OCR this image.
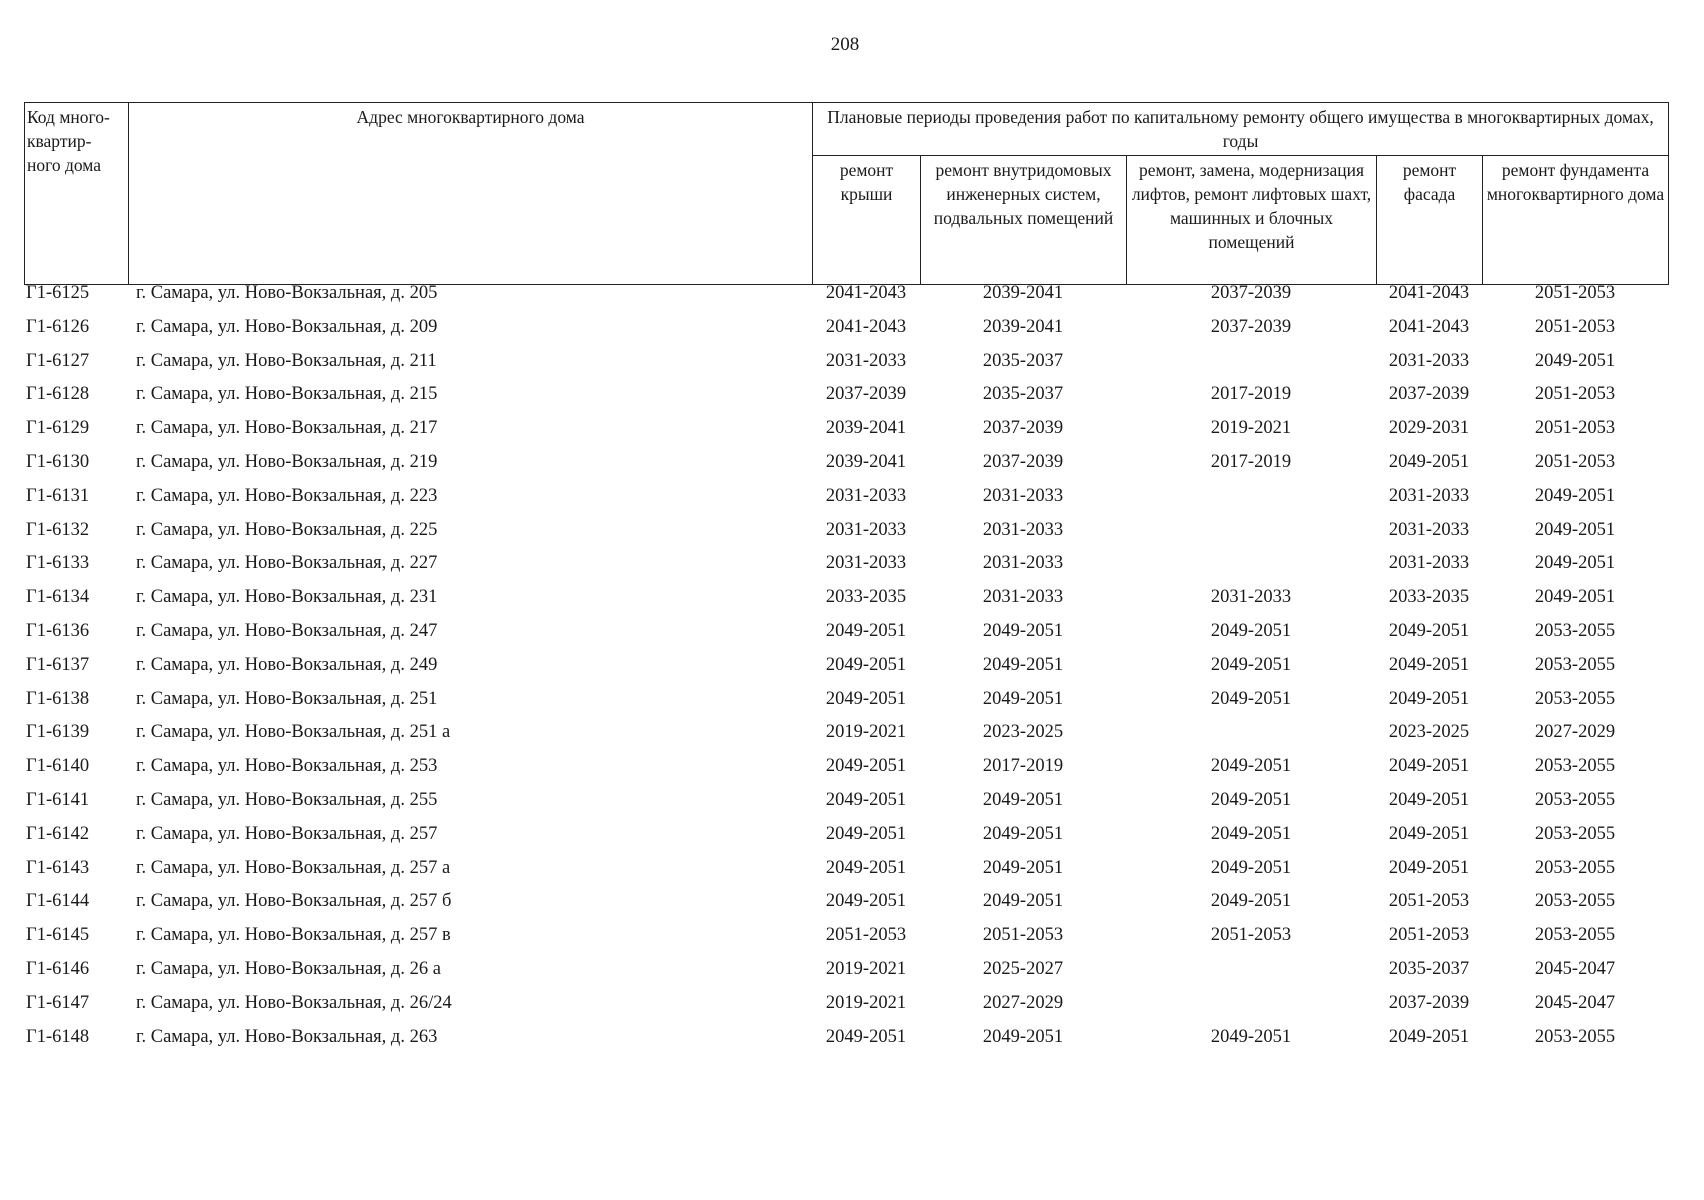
208
Код много-
квартир-
ного дома	Адрес многоквартирного дома	Плановые периоды проведения работ по капитальному ремонту общего имущества в многоквартирных домах, годы				
		ремонт крыши	ремонт внутридомовых инженерных систем, подвальных помещений	ремонт, замена, модернизация лифтов, ремонт лифтовых шахт, машинных и блочных помещений	ремонт фасада	ремонт фундамента многоквартирного дома
Г1-6125	г. Самара, ул. Ново-Вокзальная, д. 205	2041-2043	2039-2041	2037-2039	2041-2043	2051-2053
Г1-6126	г. Самара, ул. Ново-Вокзальная, д. 209	2041-2043	2039-2041	2037-2039	2041-2043	2051-2053
Г1-6127	г. Самара, ул. Ново-Вокзальная, д. 211	2031-2033	2035-2037		2031-2033	2049-2051
Г1-6128	г. Самара, ул. Ново-Вокзальная, д. 215	2037-2039	2035-2037	2017-2019	2037-2039	2051-2053
Г1-6129	г. Самара, ул. Ново-Вокзальная, д. 217	2039-2041	2037-2039	2019-2021	2029-2031	2051-2053
Г1-6130	г. Самара, ул. Ново-Вокзальная, д. 219	2039-2041	2037-2039	2017-2019	2049-2051	2051-2053
Г1-6131	г. Самара, ул. Ново-Вокзальная, д. 223	2031-2033	2031-2033		2031-2033	2049-2051
Г1-6132	г. Самара, ул. Ново-Вокзальная, д. 225	2031-2033	2031-2033		2031-2033	2049-2051
Г1-6133	г. Самара, ул. Ново-Вокзальная, д. 227	2031-2033	2031-2033		2031-2033	2049-2051
Г1-6134	г. Самара, ул. Ново-Вокзальная, д. 231	2033-2035	2031-2033	2031-2033	2033-2035	2049-2051
Г1-6136	г. Самара, ул. Ново-Вокзальная, д. 247	2049-2051	2049-2051	2049-2051	2049-2051	2053-2055
Г1-6137	г. Самара, ул. Ново-Вокзальная, д. 249	2049-2051	2049-2051	2049-2051	2049-2051	2053-2055
Г1-6138	г. Самара, ул. Ново-Вокзальная, д. 251	2049-2051	2049-2051	2049-2051	2049-2051	2053-2055
Г1-6139	г. Самара, ул. Ново-Вокзальная, д. 251 а	2019-2021	2023-2025		2023-2025	2027-2029
Г1-6140	г. Самара, ул. Ново-Вокзальная, д. 253	2049-2051	2017-2019	2049-2051	2049-2051	2053-2055
Г1-6141	г. Самара, ул. Ново-Вокзальная, д. 255	2049-2051	2049-2051	2049-2051	2049-2051	2053-2055
Г1-6142	г. Самара, ул. Ново-Вокзальная, д. 257	2049-2051	2049-2051	2049-2051	2049-2051	2053-2055
Г1-6143	г. Самара, ул. Ново-Вокзальная, д. 257 а	2049-2051	2049-2051	2049-2051	2049-2051	2053-2055
Г1-6144	г. Самара, ул. Ново-Вокзальная, д. 257 б	2049-2051	2049-2051	2049-2051	2051-2053	2053-2055
Г1-6145	г. Самара, ул. Ново-Вокзальная, д. 257 в	2051-2053	2051-2053	2051-2053	2051-2053	2053-2055
Г1-6146	г. Самара, ул. Ново-Вокзальная, д. 26 а	2019-2021	2025-2027		2035-2037	2045-2047
Г1-6147	г. Самара, ул. Ново-Вокзальная, д. 26/24	2019-2021	2027-2029		2037-2039	2045-2047
Г1-6148	г. Самара, ул. Ново-Вокзальная, д. 263	2049-2051	2049-2051	2049-2051	2049-2051	2053-2055
